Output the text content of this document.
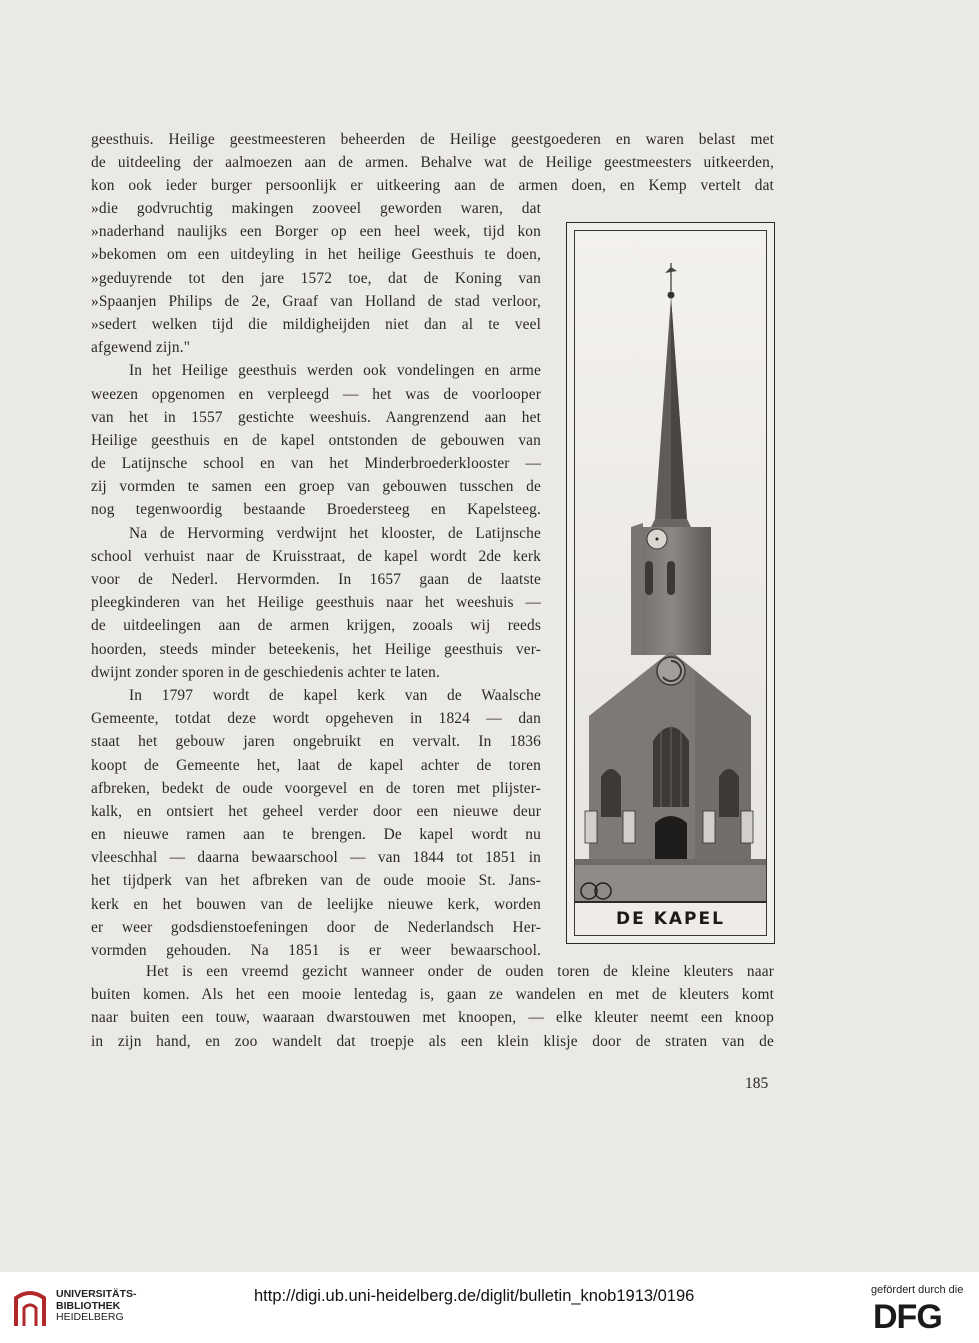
geesthuis. Heilige geestmeesteren beheerden de Heilige geestgoederen en waren belast met
de uitdeeling der aalmoezen aan de armen. Behalve wat de Heilige geestmeesters uitkeerden,
kon ook ieder burger persoonlijk er uitkeering aan de armen doen, en Kemp vertelt dat
»die godvruchtig makingen zooveel geworden waren, dat
»naderhand naulijks een Borger op een heel week, tijd kon
»bekomen om een uitdeyling in het heilige Geesthuis te doen,
»geduyrende tot den jare 1572 toe, dat de Koning van
»Spaanjen Philips de 2e, Graaf van Holland de stad verloor,
»sedert welken tijd die mildigheijden niet dan al te veel
afgewend zijn."
In het Heilige geesthuis werden ook vondelingen en arme
weezen opgenomen en verpleegd — het was de voorlooper
van het in 1557 gestichte weeshuis. Aangrenzend aan het
Heilige geesthuis en de kapel ontstonden de gebouwen van
de Latijnsche school en van het Minderbroederklooster —
zij vormden te samen een groep van gebouwen tusschen de
nog tegenwoordig bestaande Broedersteeg en Kapelsteeg.
Na de Hervorming verdwijnt het klooster, de Latijnsche
school verhuist naar de Kruisstraat, de kapel wordt 2de kerk
voor de Nederl. Hervormden. In 1657 gaan de laatste
pleegkinderen van het Heilige geesthuis naar het weeshuis —
de uitdeelingen aan de armen krijgen, zooals wij reeds
hoorden, steeds minder beteekenis, het Heilige geesthuis ver-
dwijnt zonder sporen in de geschiedenis achter te laten.
In 1797 wordt de kapel kerk van de Waalsche
Gemeente, totdat deze wordt opgeheven in 1824 — dan
staat het gebouw jaren ongebruikt en vervalt. In 1836
koopt de Gemeente het, laat de kapel achter de toren
afbreken, bedekt de oude voorgevel en de toren met plijster-
kalk, en ontsiert het geheel verder door een nieuwe deur
en nieuwe ramen aan te brengen. De kapel wordt nu
vleeschhal — daarna bewaarschool — van 1844 tot 1851 in
het tijdperk van het afbreken van de oude mooie St. Jans-
kerk en het bouwen van de leelijke nieuwe kerk, worden
er weer godsdienstoefeningen door de Nederlandsch Her-
vormden gehouden. Na 1851 is er weer bewaarschool.
Het is een vreemd gezicht wanneer onder de ouden toren de kleine kleuters naar
buiten komen. Als het een mooie lentedag is, gaan ze wandelen en met de kleuters komt
naar buiten een touw, waaraan dwarstouwen met knoopen, — elke kleuter neemt een knoop
in zijn hand, en zoo wandelt dat troepje als een klein klisje door de straten van de
DE KAPEL
185
UNIVERSITÄTS-
BIBLIOTHEK
HEIDELBERG
http://digi.ub.uni-heidelberg.de/diglit/bulletin_knob1913/0196	gefördert durch die
DFG
